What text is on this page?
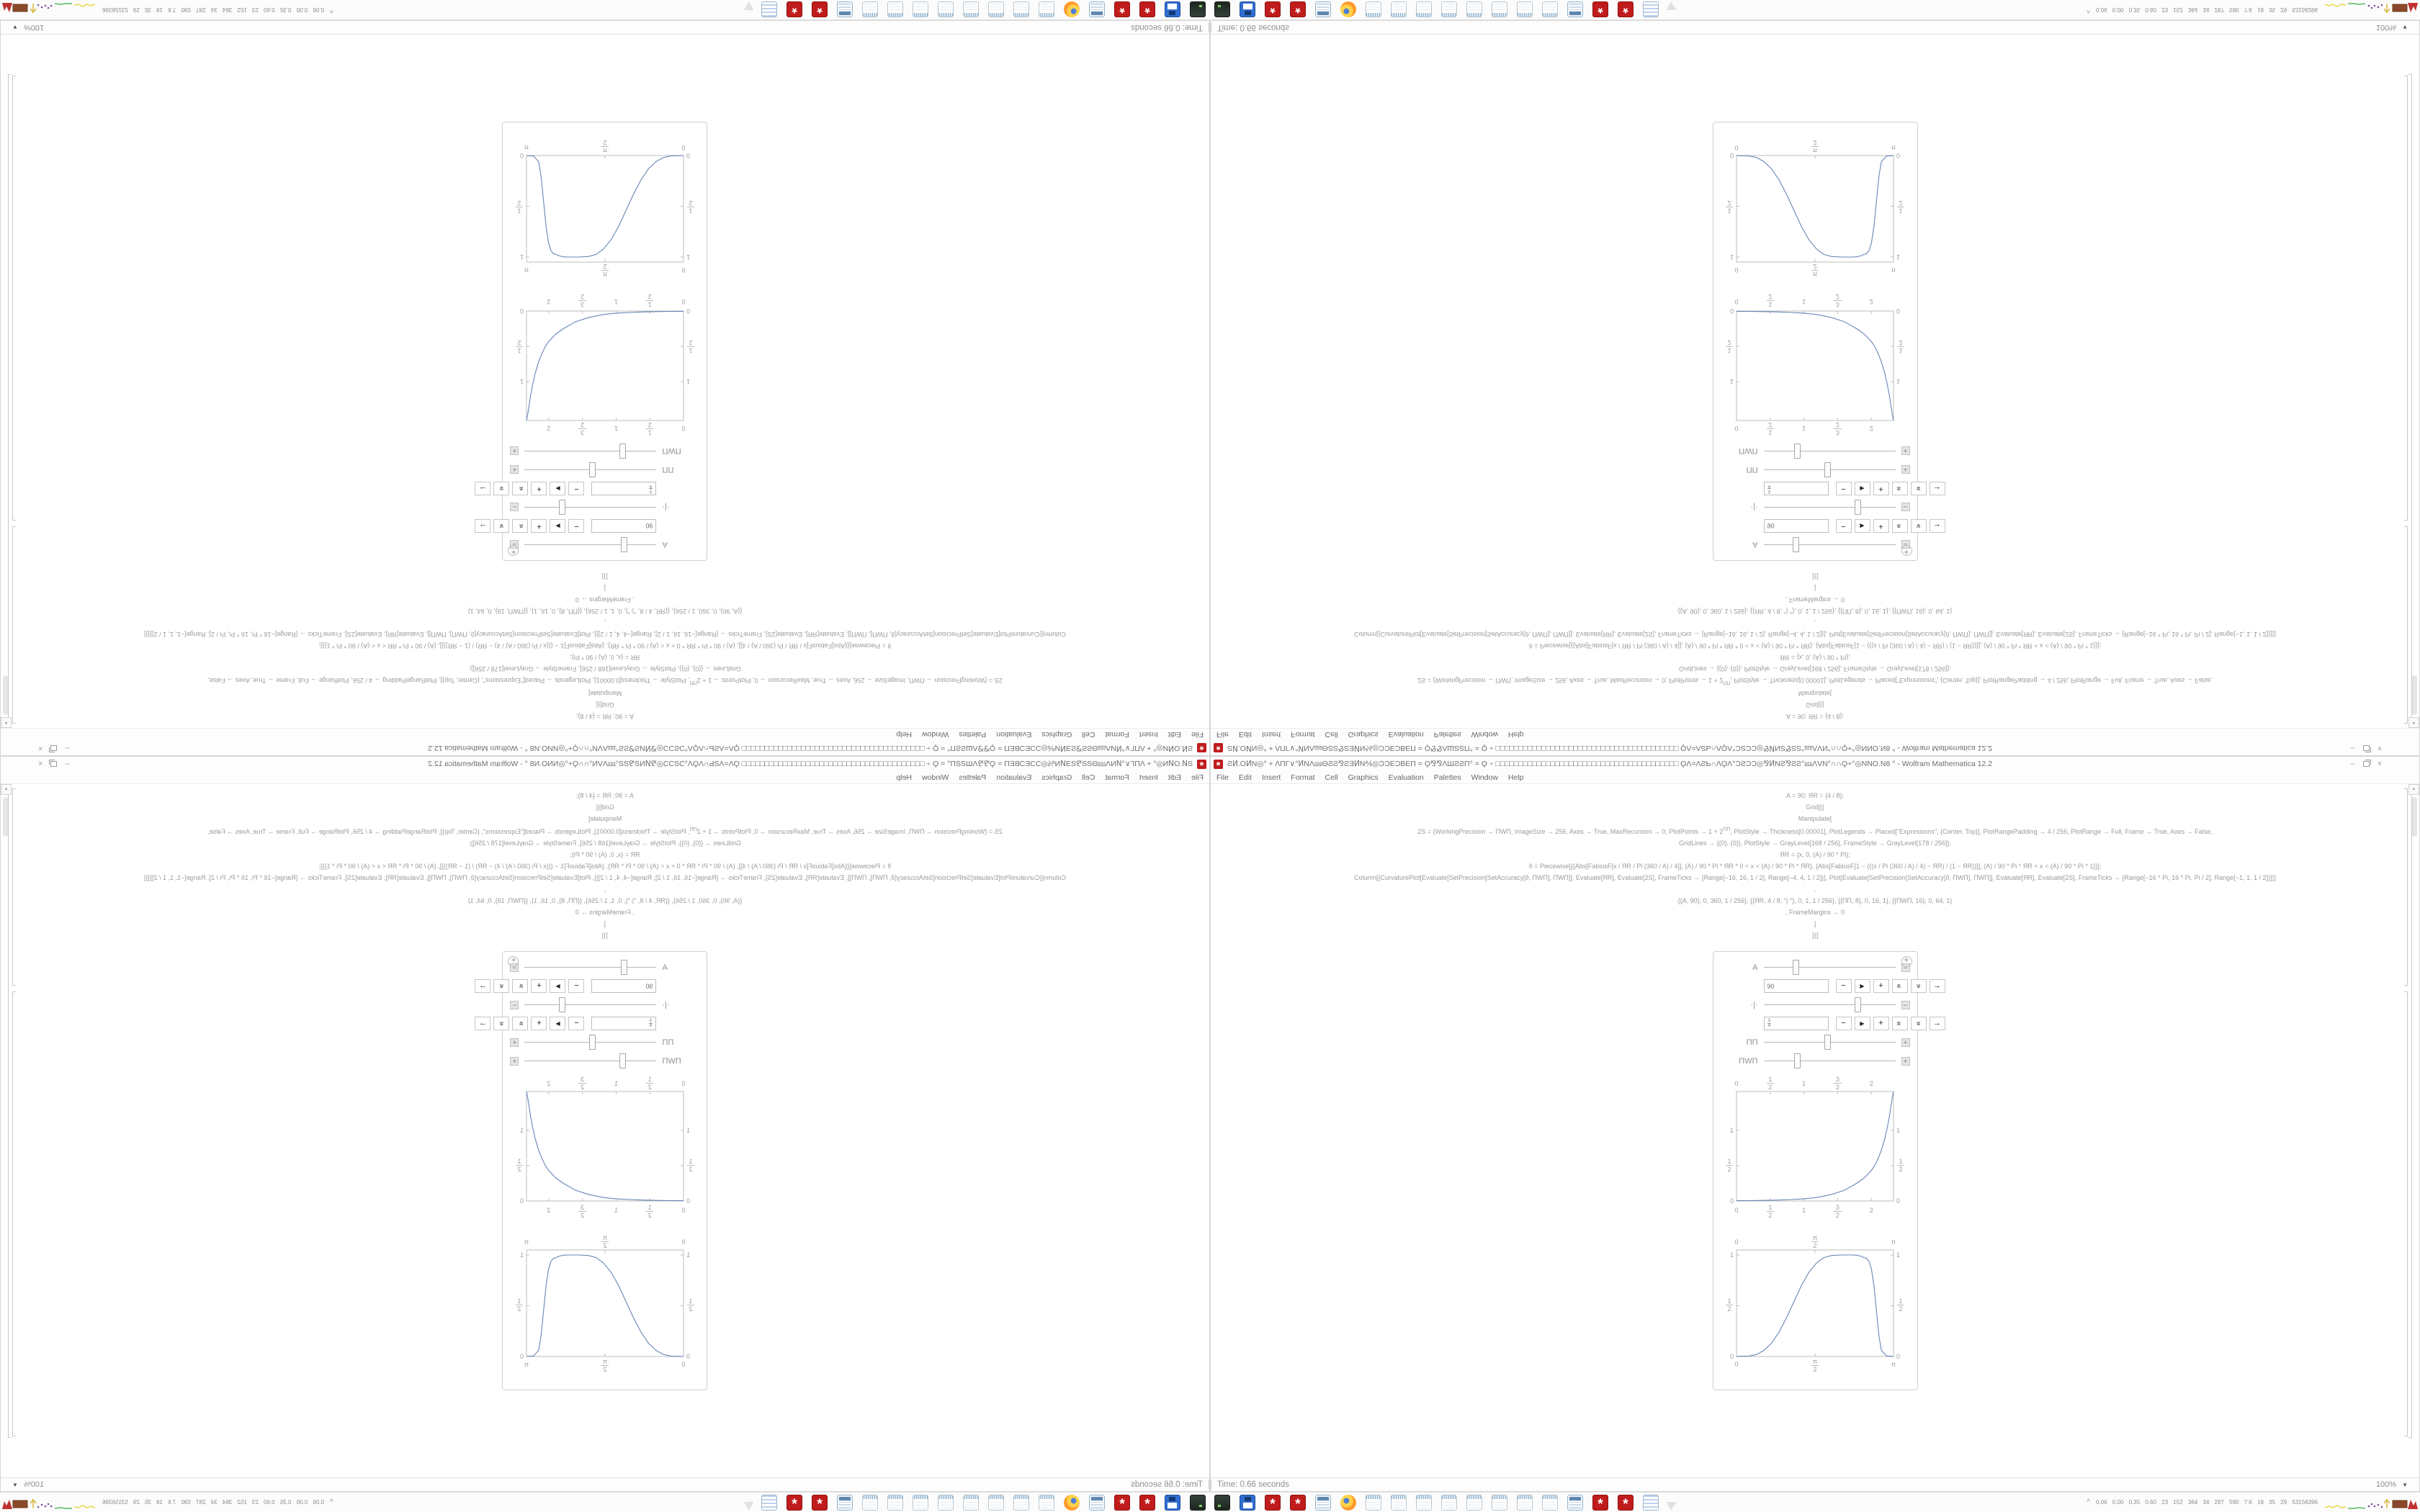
*
ƧͶ.ОͶΝ◎° + ΛΠΓ∨°ͶΝΛ⅏ΘƧƧ⅋ƧƎͶΝ⅍◎ϽϽΕƆΒΕΠ = Ϙ⅋⅋ΛШƧƧΠ° = Ϙ ÷ □□□□□□□□□□□□□□□□□□□□□□□□□□□□□□□□□□□□□□□□ ϘΛ=ΛƧƄ∩ΛϘΛ°ƆƧϽƆ◎⅋ͶΝƧ⅋ƧƧ°⅏ΛVΝ°∩∩Ϙ+°◎ΝΝО.Ν8 ° - Wolfram Mathematica 12.2
–
×
File
Edit
Insert
Format
Cell
Graphics
Evaluation
Palettes
Window
Help
A = 90; ЯR = {4 / 8};
Grid[{{
Manipulate[
2S = {WorkingPrecision → ПWП, ImageSize → 256, Axes → True, MaxRecursion → 0, PlotPoints → $1 + 2^{ПП}$, PlotStyle → Thickness[0.00001], PlotLegends → Placed["Expressions", {Center, Top}], PlotRangePadding → 4 / 256, PlotRange → Full, Frame → True, Axes → False,
GridLines → {{0}, {0}}, PlotStyle → GrayLevel[168 / 256], FrameStyle → GrayLevel[178 / 256]};
ЯR = {x, 0, (A) / 90 * Pi};
ϑ = Piecewise[{{Abs[FabiusF[x / ЯR / Pi (360 / A) / 4]], (A) / 90 * Pi * ЯR * 0 < x < (A) / 90 * Pi * ЯR}, {Abs[FabiusF[1 − (((x / Pi (360 / A) / 4) − ЯR) / (1 − ЯR))]], (A) / 90 * Pi * ЯR < x < (A) / 90 * Pi * 1}}];
Column[{CurvaturePlot[Evaluate[SetPrecision[SetAccuracy[ϑ, ПWП], ПWП]], Evaluate[ЯR], Evaluate[2S], FrameTicks → {Range[−16, 16, 1 / 2], Range[−4, 4, 1 / 2]}], Plot[Evaluate[SetPrecision[SetAccuracy[ϑ, ПWП], ПWП]], Evaluate[ЯR], Evaluate[2S], FrameTicks → {Range[−16 * Pi, 16 * Pi, Pi / 2], Range[−1, 1, 1 / 2]}]}]
,
{{A, 90}, 0, 360, 1 / 256}, {{ЯR, 4 / 8, "|·"}, 0, 1, 1 / 256}, {{ПП, 8}, 0, 16, 1}, {{ПWП, 16}, 0, 64, 1}
, FrameMargins → 0
]
}}]
+
A
−
90
−
▶
+
»
»
→
·|·
−
3
4
−
▶
+
»
»
→
ПП
+
ПWП
+
0
1
2
1
3
2
2
0
1
2
1
3
2
2
0
1
2
1
0
1
2
1
0
π
2
π
0
π
2
π
0
1
2
1
0
1
2
1
▴
Time: 0.66 seconds
100%
▼
*
*
*
*
^
0.06 0.00 0.35 0.60 23 152 364 34 287 590 7.6 18 35 29 53156396
* ƧͶ.ОͶΝ◎° + ΛΠΓ∨°ͶΝΛ⅏ΘƧƧ⅋ƧƎͶΝ⅍◎ϽϽΕƆΒΕΠ = Ϙ⅋⅋ΛШƧƧΠ° = Ϙ ÷ □□□□□□□□□□□□□□□□□□□□□□□□□□□□□□□□□□□□□□□□ ϘΛ=ΛƧƄ∩ΛϘΛ°ƆƧϽƆ◎⅋ͶΝƧ⅋ƧƧ°⅏ΛVΝ°∩∩Ϙ+°◎ΝΝО.Ν8 ° - Wolfram Mathematica 12.2	–	×
File Edit Insert Format Cell Graphics Evaluation Palettes Window Help
A = 90; ЯR = {4 / 8};
Grid[{{
Manipulate[
2S = {WorkingPrecision → ПWП, ImageSize → 256, Axes → True, MaxRecursion → 0, PlotPoints → $1 + 2^{ПП}$, PlotStyle → Thickness[0.00001], PlotLegends → Placed["Expressions", {Center, Top}], PlotRangePadding → 4 / 256, PlotRange → Full, Frame → True, Axes → False,
GridLines → {{0}, {0}}, PlotStyle → GrayLevel[168 / 256], FrameStyle → GrayLevel[178 / 256]};
ЯR = {x, 0, (A) / 90 * Pi};
ϑ = Piecewise[{{Abs[FabiusF[x / ЯR / Pi (360 / A) / 4]], (A) / 90 * Pi * ЯR * 0 < x < (A) / 90 * Pi * ЯR}, {Abs[FabiusF[1 − (((x / Pi (360 / A) / 4) − ЯR) / (1 − ЯR))]], (A) / 90 * Pi * ЯR < x < (A) / 90 * Pi * 1}}];
Column[{CurvaturePlot[Evaluate[SetPrecision[SetAccuracy[ϑ, ПWП], ПWП]], Evaluate[ЯR], Evaluate[2S], FrameTicks → {Range[−16, 16, 1 / 2], Range[−4, 4, 1 / 2]}], Plot[Evaluate[SetPrecision[SetAccuracy[ϑ, ПWП], ПWП]], Evaluate[ЯR], Evaluate[2S], FrameTicks → {Range[−16 * Pi, 16 * Pi, Pi / 2], Range[−1, 1, 1 / 2]}]}]
,
{{A, 90}, 0, 360, 1 / 256}, {{ЯR, 4 / 8, "|·"}, 0, 1, 1 / 256}, {{ПП, 8}, 0, 16, 1}, {{ПWП, 16}, 0, 64, 1}
, FrameMargins → 0
]
}}]
+
A	−
90	−	▶	+	»	»	→
·|·	−
3
4	−	▶	+	»	»	→
ПП	+
ПWП	+
0
1
2	1
3
2	2
0	1
2
1	3
2
2
0
1
2
1
0
1
2
1
0
π
2	π
0	π
2
π
0
1
2
1
0
1
2
1
▴
Time: 0.66 seconds	100% ▼
*	*	*	*	^ 0.06 0.00 0.35 0.60 23 152 364 34 287 590 7.6 18 35 29 53156396
*
ƧͶ.ОͶΝ◎° + ΛΠΓ∨°ͶΝΛ⅏ΘƧƧ⅋ƧƎͶΝ⅍◎ϽϽΕƆΒΕΠ = Ϙ⅋⅋ΛШƧƧΠ° = Ϙ ÷ □□□□□□□□□□□□□□□□□□□□□□□□□□□□□□□□□□□□□□□□ ϘΛ=ΛƧƄ∩ΛϘΛ°ƆƧϽƆ◎⅋ͶΝƧ⅋ƧƧ°⅏ΛVΝ°∩∩Ϙ+°◎ΝΝО.Ν8 ° - Wolfram Mathematica 12.2
–
×
File
Edit
Insert
Format
Cell
Graphics
Evaluation
Palettes
Window
Help
A = 90; ЯR = {4 / 8};
Grid[{{
Manipulate[
2S = {WorkingPrecision → ПWП, ImageSize → 256, Axes → True, MaxRecursion → 0, PlotPoints → $1 + 2^{ПП}$, PlotStyle → Thickness[0.00001], PlotLegends → Placed["Expressions", {Center, Top}], PlotRangePadding → 4 / 256, PlotRange → Full, Frame → True, Axes → False,
GridLines → {{0}, {0}}, PlotStyle → GrayLevel[168 / 256], FrameStyle → GrayLevel[178 / 256]};
ЯR = {x, 0, (A) / 90 * Pi};
ϑ = Piecewise[{{Abs[FabiusF[x / ЯR / Pi (360 / A) / 4]], (A) / 90 * Pi * ЯR * 0 < x < (A) / 90 * Pi * ЯR}, {Abs[FabiusF[1 − (((x / Pi (360 / A) / 4) − ЯR) / (1 − ЯR))]], (A) / 90 * Pi * ЯR < x < (A) / 90 * Pi * 1}}];
Column[{CurvaturePlot[Evaluate[SetPrecision[SetAccuracy[ϑ, ПWП], ПWП]], Evaluate[ЯR], Evaluate[2S], FrameTicks → {Range[−16, 16, 1 / 2], Range[−4, 4, 1 / 2]}], Plot[Evaluate[SetPrecision[SetAccuracy[ϑ, ПWП], ПWП]], Evaluate[ЯR], Evaluate[2S], FrameTicks → {Range[−16 * Pi, 16 * Pi, Pi / 2], Range[−1, 1, 1 / 2]}]}]
,
{{A, 90}, 0, 360, 1 / 256}, {{ЯR, 4 / 8, "|·"}, 0, 1, 1 / 256}, {{ПП, 8}, 0, 16, 1}, {{ПWП, 16}, 0, 64, 1}
, FrameMargins → 0
]
}}]
+
A
−
90
−
▶
+
»
»
→
·|·
−
$\frac{3}{4}$
−
▶
+
»
»
→
ПП
+
ПWП
+
0
1
2
1
3
2
2
0
1
2
1
3
2
2
0
1
2
1
0
1
2
1
0
π
2
π
0
π
2
π
0
1
2
1
0
1
2
1
▴
Time: 0.66 seconds
100%
▼
*
*
*
*
^
0.06 0.00 0.35 0.60 23 152 364 34 287 590 7.6 18 35 29 53156396
* ƧͶ.ОͶΝ◎° + ΛΠΓ∨°ͶΝΛ⅏ΘƧƧ⅋ƧƎͶΝ⅍◎ϽϽΕƆΒΕΠ = Ϙ⅋⅋ΛШƧƧΠ° = Ϙ ÷ □□□□□□□□□□□□□□□□□□□□□□□□□□□□□□□□□□□□□□□□ ϘΛ=ΛƧƄ∩ΛϘΛ°ƆƧϽƆ◎⅋ͶΝƧ⅋ƧƧ°⅏ΛVΝ°∩∩Ϙ+°◎ΝΝО.Ν8 ° - Wolfram Mathematica 12.2	–	×
File Edit Insert Format Cell Graphics Evaluation Palettes Window Help
A = 90; ЯR = {4 / 8};
Grid[{{
Manipulate[
2S = {WorkingPrecision → ПWП, ImageSize → 256, Axes → True, MaxRecursion → 0, PlotPoints → $1 + 2^{ПП}$, PlotStyle → Thickness[0.00001], PlotLegends → Placed["Expressions", {Center, Top}], PlotRangePadding → 4 / 256, PlotRange → Full, Frame → True, Axes → False,
GridLines → {{0}, {0}}, PlotStyle → GrayLevel[168 / 256], FrameStyle → GrayLevel[178 / 256]};
ЯR = {x, 0, (A) / 90 * Pi};
ϑ = Piecewise[{{Abs[FabiusF[x / ЯR / Pi (360 / A) / 4]], (A) / 90 * Pi * ЯR * 0 < x < (A) / 90 * Pi * ЯR}, {Abs[FabiusF[1 − (((x / Pi (360 / A) / 4) − ЯR) / (1 − ЯR))]], (A) / 90 * Pi * ЯR < x < (A) / 90 * Pi * 1}}];
Column[{CurvaturePlot[Evaluate[SetPrecision[SetAccuracy[ϑ, ПWП], ПWП]], Evaluate[ЯR], Evaluate[2S], FrameTicks → {Range[−16, 16, 1 / 2], Range[−4, 4, 1 / 2]}], Plot[Evaluate[SetPrecision[SetAccuracy[ϑ, ПWП], ПWП]], Evaluate[ЯR], Evaluate[2S], FrameTicks → {Range[−16 * Pi, 16 * Pi, Pi / 2], Range[−1, 1, 1 / 2]}]}]
,
{{A, 90}, 0, 360, 1 / 256}, {{ЯR, 4 / 8, "|·"}, 0, 1, 1 / 256}, {{ПП, 8}, 0, 16, 1}, {{ПWП, 16}, 0, 64, 1}
, FrameMargins → 0
]
}}]
+
A	−
90	−	▶	+	»	»	→
·|·	−
$\frac{3}{4}$	−	▶	+	»	»	→
ПП	+
ПWП	+
0
1
2	1
3
2	2
0	1
2
1	3
2
2
0
1
2
1
0
1
2
1
0
π
2	π
0	π
2
π
0
1
2
1
0
1
2
1
▴
Time: 0.66 seconds	100% ▼
*	*	*	*	^ 0.06 0.00 0.35 0.60 23 152 364 34 287 590 7.6 18 35 29 53156396
